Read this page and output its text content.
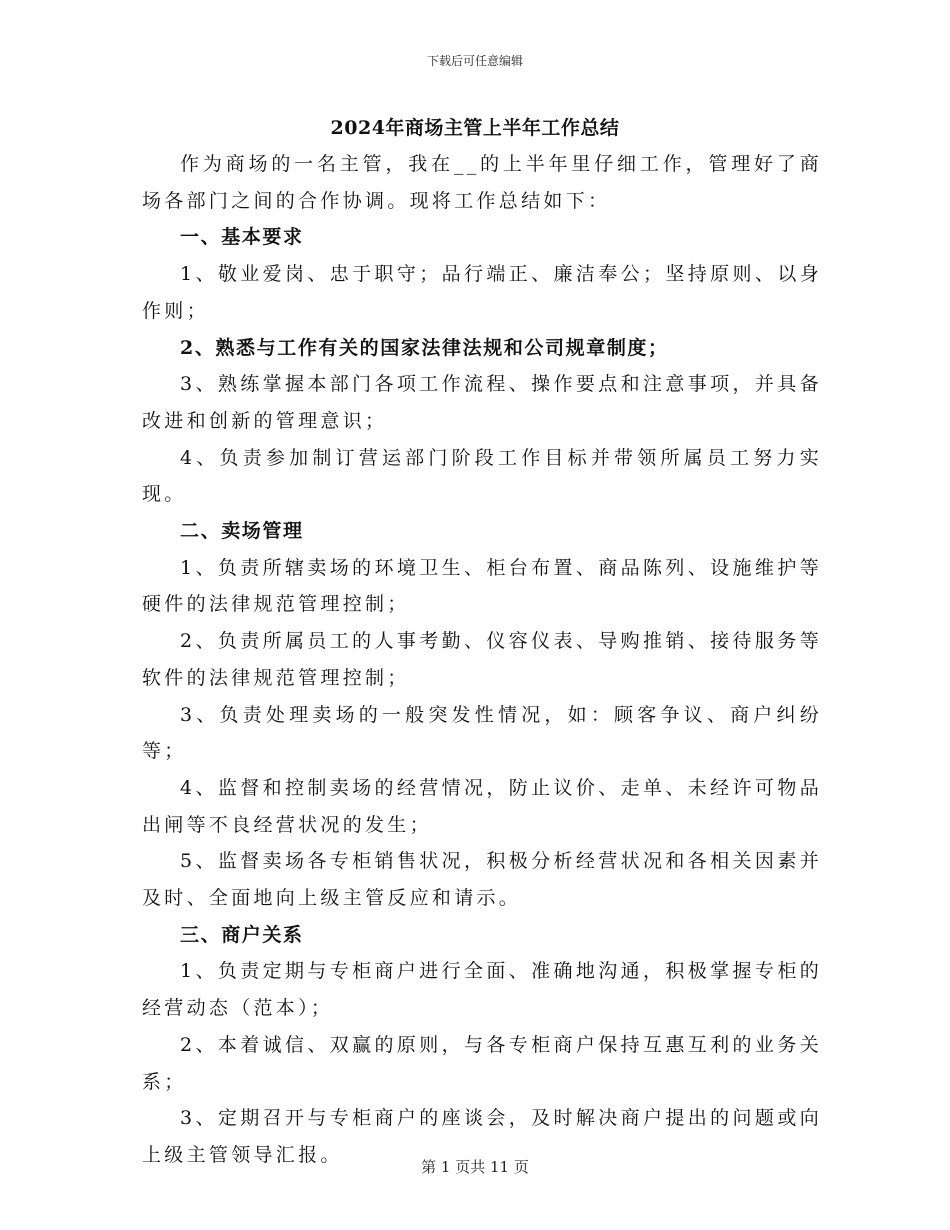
下载后可任意编辑
2024年商场主管上半年工作总结

作为商场的一名主管，我在__的上半年里仔细工作，管理好了商场各部门之间的合作协调。现将工作总结如下：

一、基本要求

1、敬业爱岗、忠于职守；品行端正、廉洁奉公；坚持原则、以身作则；

2、熟悉与工作有关的国家法律法规和公司规章制度；

3、熟练掌握本部门各项工作流程、操作要点和注意事项，并具备改进和创新的管理意识；

4、负责参加制订营运部门阶段工作目标并带领所属员工努力实现。

二、卖场管理

1、负责所辖卖场的环境卫生、柜台布置、商品陈列、设施维护等硬件的法律规范管理控制；

2、负责所属员工的人事考勤、仪容仪表、导购推销、接待服务等软件的法律规范管理控制；

3、负责处理卖场的一般突发性情况，如：顾客争议、商户纠纷等；

4、监督和控制卖场的经营情况，防止议价、走单、未经许可物品出闸等不良经营状况的发生；

5、监督卖场各专柜销售状况，积极分析经营状况和各相关因素并及时、全面地向上级主管反应和请示。

三、商户关系

1、负责定期与专柜商户进行全面、准确地沟通，积极掌握专柜的经营动态（范本）；

2、本着诚信、双赢的原则，与各专柜商户保持互惠互利的业务关系；

3、定期召开与专柜商户的座谈会，及时解决商户提出的问题或向上级主管领导汇报。

第 1 页共 11 页
